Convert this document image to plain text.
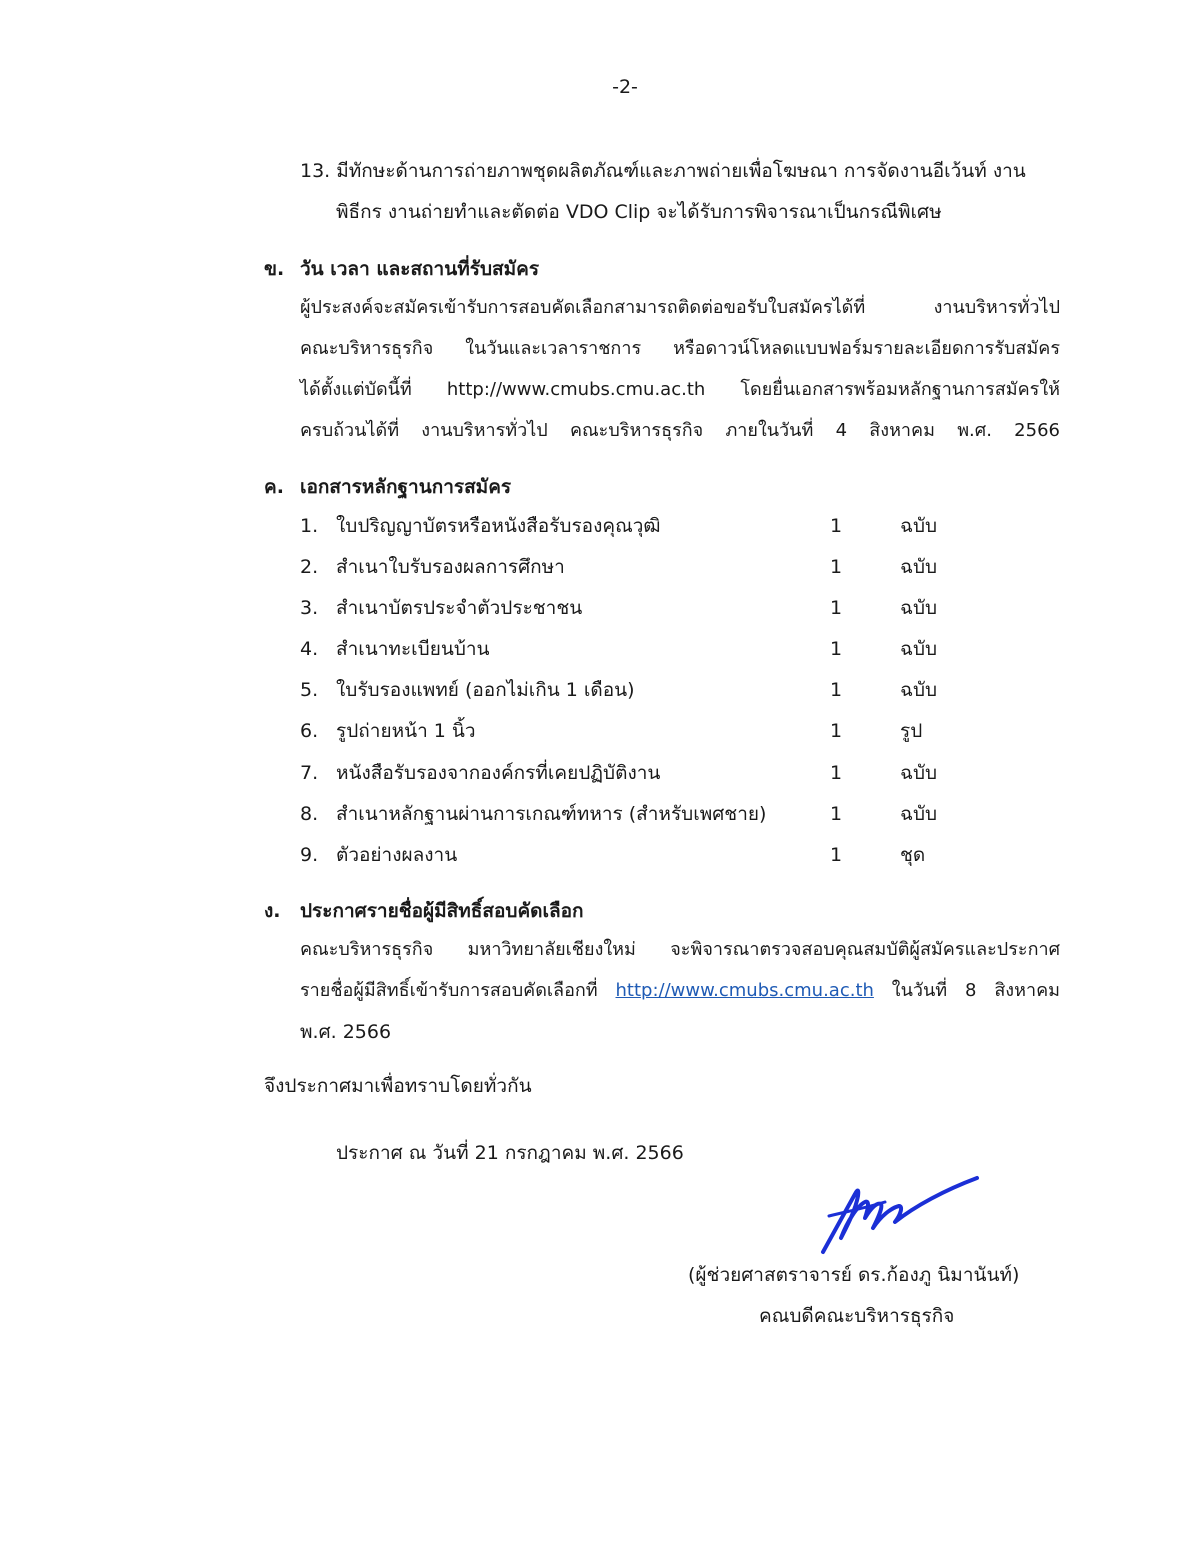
-2-
13. มีทักษะด้านการถ่ายภาพชุดผลิตภัณฑ์และภาพถ่ายเพื่อโฆษณา การจัดงานอีเว้นท์ งาน
พิธีกร งานถ่ายทำและตัดต่อ VDO Clip จะได้รับการพิจารณาเป็นกรณีพิเศษ
ข. วัน เวลา และสถานที่รับสมัคร
ผู้ประสงค์จะสมัครเข้ารับการสอบคัดเลือกสามารถติดต่อขอรับใบสมัครได้ที่ งานบริหารทั่วไป
คณะบริหารธุรกิจ ในวันและเวลาราชการ หรือดาวน์โหลดแบบฟอร์มรายละเอียดการรับสมัคร
ได้ตั้งแต่บัดนี้ที่ http://www.cmubs.cmu.ac.th โดยยื่นเอกสารพร้อมหลักฐานการสมัครให้
ครบถ้วนได้ที่ งานบริหารทั่วไป คณะบริหารธุรกิจ ภายในวันที่ 4 สิงหาคม พ.ศ. 2566
ค. เอกสารหลักฐานการสมัคร
1. ใบปริญญาบัตรหรือหนังสือรับรองคุณวุฒิ	1	ฉบับ
2. สำเนาใบรับรองผลการศึกษา	1	ฉบับ
3. สำเนาบัตรประจำตัวประชาชน	1	ฉบับ
4. สำเนาทะเบียนบ้าน	1	ฉบับ
5. ใบรับรองแพทย์ (ออกไม่เกิน 1 เดือน)	1	ฉบับ
6. รูปถ่ายหน้า 1 นิ้ว	1	รูป
7. หนังสือรับรองจากองค์กรที่เคยปฏิบัติงาน	1	ฉบับ
8. สำเนาหลักฐานผ่านการเกณฑ์ทหาร (สำหรับเพศชาย)	1	ฉบับ
9. ตัวอย่างผลงาน	1	ชุด
ง. ประกาศรายชื่อผู้มีสิทธิ์สอบคัดเลือก
คณะบริหารธุรกิจ มหาวิทยาลัยเชียงใหม่ จะพิจารณาตรวจสอบคุณสมบัติผู้สมัครและประกาศ
รายชื่อผู้มีสิทธิ์เข้ารับการสอบคัดเลือกที่ http://www.cmubs.cmu.ac.th ในวันที่ 8 สิงหาคม
พ.ศ. 2566
จึงประกาศมาเพื่อทราบโดยทั่วกัน
ประกาศ ณ วันที่ 21 กรกฎาคม พ.ศ. 2566
(ผู้ช่วยศาสตราจารย์ ดร.ก้องภู นิมานันท์)
คณบดีคณะบริหารธุรกิจ
